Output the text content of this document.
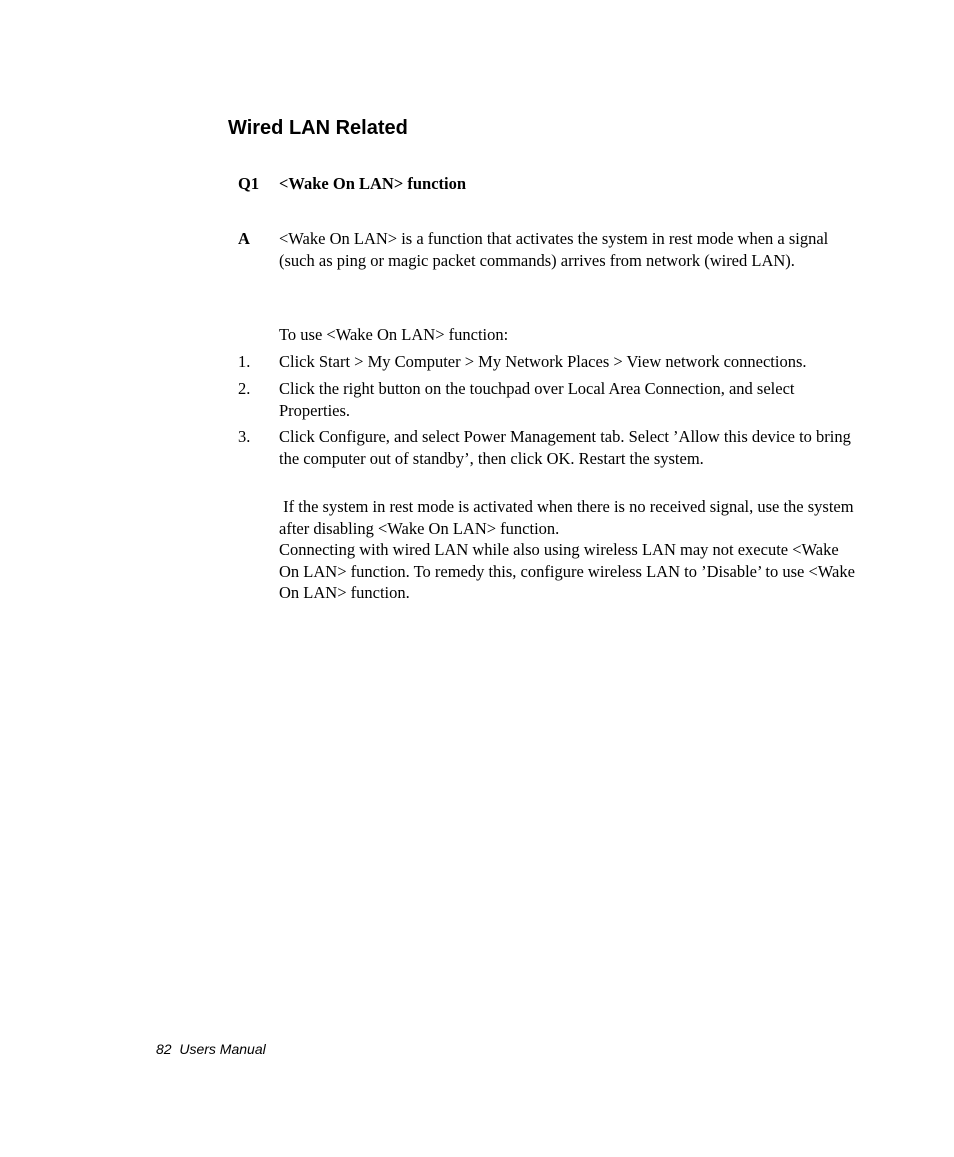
Wired LAN Related
Q1 <Wake On LAN> function
A <Wake On LAN> is a function that activates the system in rest mode when a signal (such as ping or magic packet commands) arrives from network (wired LAN).
To use <Wake On LAN> function:
1. Click Start > My Computer > My Network Places > View network connections.
2. Click the right button on the touchpad over Local Area Connection, and select Properties.
3. Click Configure, and select Power Management tab. Select ’Allow this device to bring the computer out of standby’, then click OK. Restart the system.
If the system in rest mode is activated when there is no received signal, use the system after disabling <Wake On LAN> function.
Connecting with wired LAN while also using wireless LAN may not execute <Wake On LAN> function. To remedy this, configure wireless LAN to ’Disable’ to use <Wake On LAN> function.
82  Users Manual
